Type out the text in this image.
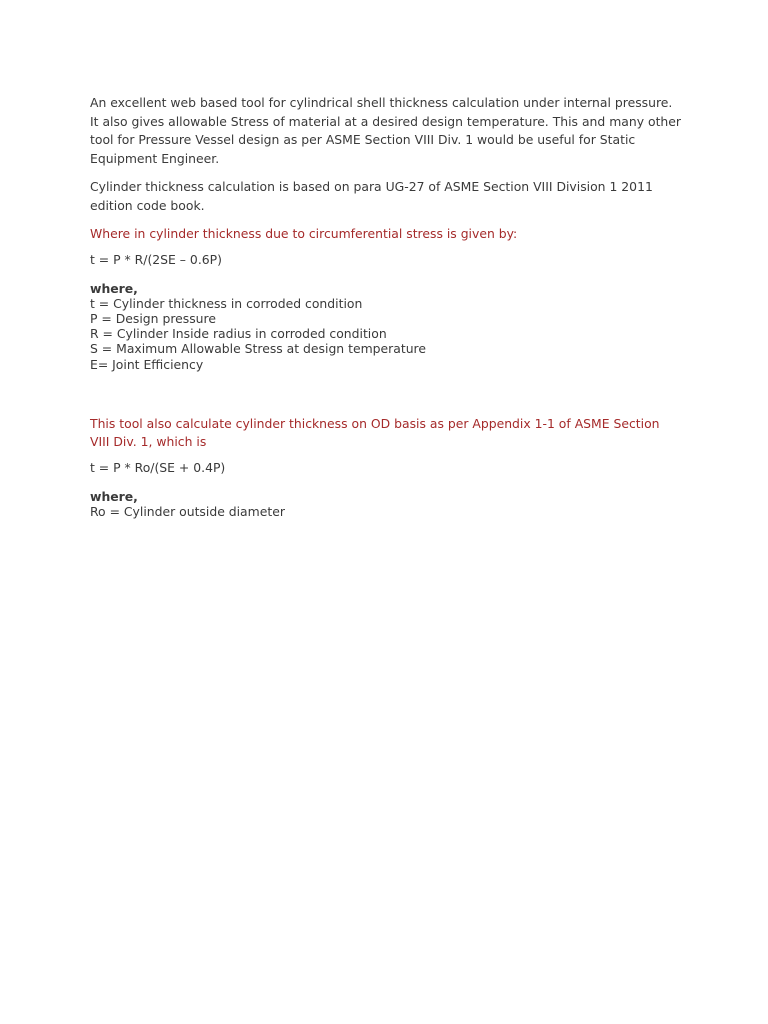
An excellent web based tool for cylindrical shell thickness calculation under internal pressure. It also gives allowable Stress of material at a desired design temperature. This and many other tool for Pressure Vessel design as per ASME Section VIII Div. 1 would be useful for Static Equipment Engineer.

Cylinder thickness calculation is based on para UG-27 of ASME Section VIII Division 1 2011 edition code book.

Where in cylinder thickness due to circumferential stress is given by:

t = P * R/(2SE – 0.6P)

where,
t = Cylinder thickness in corroded condition
P = Design pressure
R = Cylinder Inside radius in corroded condition
S = Maximum Allowable Stress at design temperature
E= Joint Efficiency

This tool also calculate cylinder thickness on OD basis as per Appendix 1-1 of ASME Section VIII Div. 1, which is

t = P * Ro/(SE + 0.4P)

where,
Ro = Cylinder outside diameter
